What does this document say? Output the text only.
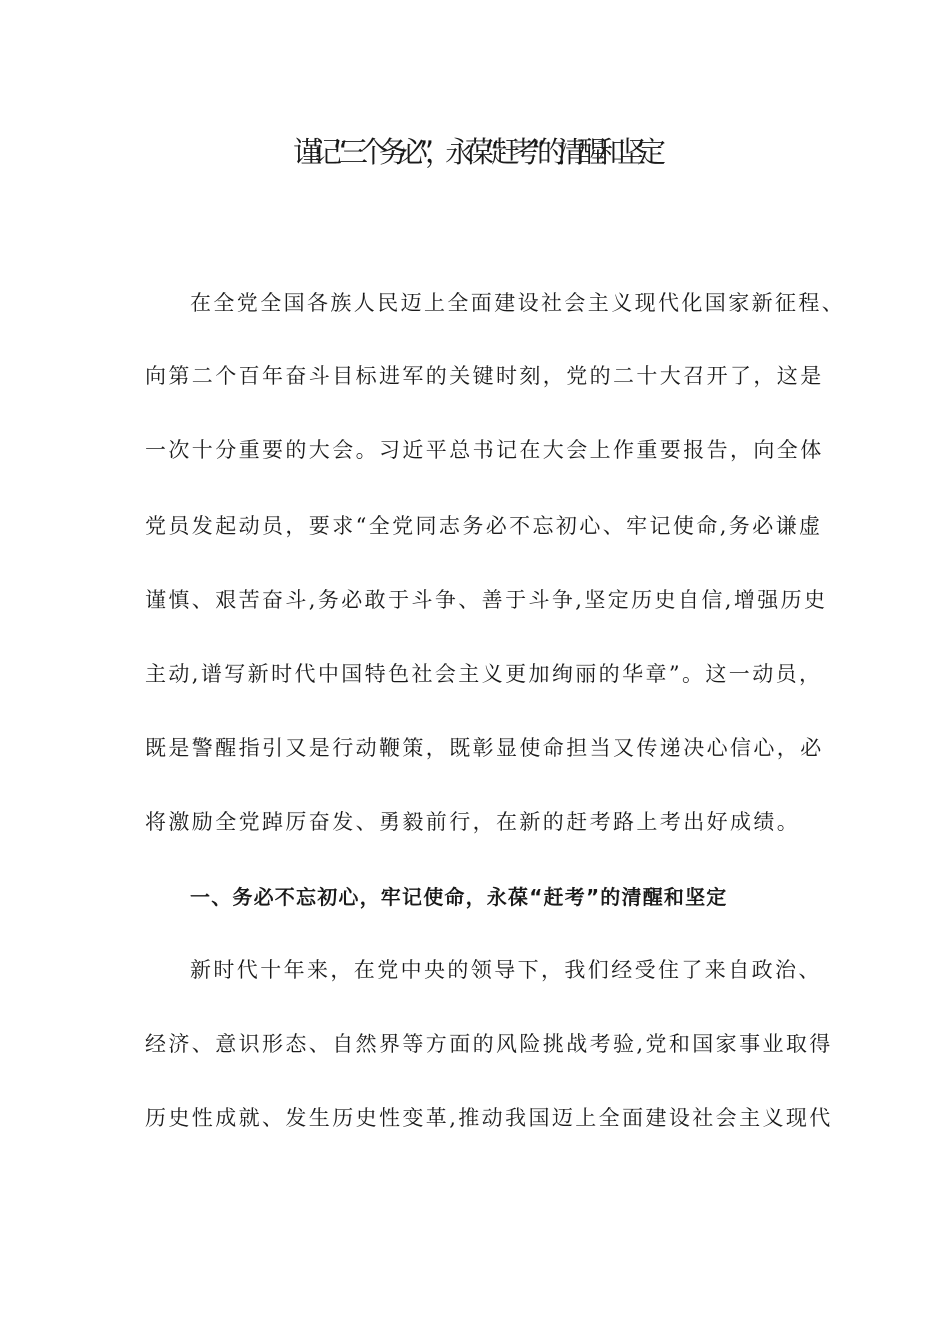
谨记“三个务必”，永葆“赶考”的清醒和坚定
在全党全国各族人民迈上全面建设社会主义现代化国家新征程、
向第二个百年奋斗目标进军的关键时刻，党的二十大召开了，这是
一次十分重要的大会。习近平总书记在大会上作重要报告，向全体
党员发起动员，要求“全党同志务必不忘初心、牢记使命,务必谦虚
谨慎、艰苦奋斗,务必敢于斗争、善于斗争,坚定历史自信,增强历史
主动,谱写新时代中国特色社会主义更加绚丽的华章”。这一动员，
既是警醒指引又是行动鞭策，既彰显使命担当又传递决心信心，必
将激励全党踔厉奋发、勇毅前行，在新的赶考路上考出好成绩。
一、务必不忘初心，牢记使命，永葆“赶考”的清醒和坚定
新时代十年来，在党中央的领导下，我们经受住了来自政治、
经济、意识形态、自然界等方面的风险挑战考验,党和国家事业取得
历史性成就、发生历史性变革,推动我国迈上全面建设社会主义现代
